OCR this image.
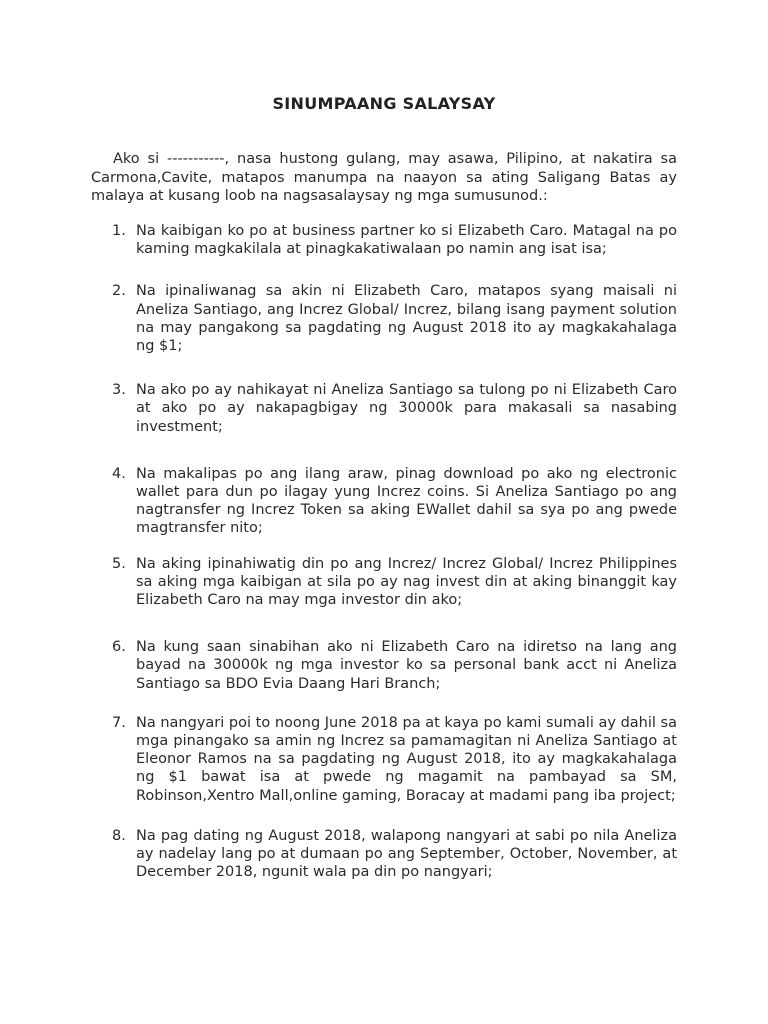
SINUMPAANG SALAYSAY

Ako si -----------, nasa hustong gulang, may asawa, Pilipino, at nakatira sa Carmona,Cavite, matapos manumpa na naayon sa ating Saligang Batas ay malaya at kusang loob na nagsasalaysay ng mga sumusunod.:

1. Na kaibigan ko po at business partner ko si Elizabeth Caro. Matagal na po kaming magkakilala at pinagkakatiwalaan po namin ang isat isa;
2. Na ipinaliwanag sa akin ni Elizabeth Caro, matapos syang maisali ni Aneliza Santiago, ang Increz Global/ Increz, bilang isang payment solution na may pangakong sa pagdating ng August 2018 ito ay magkakahalaga ng $1;
3. Na ako po ay nahikayat ni Aneliza Santiago sa tulong po ni Elizabeth Caro at ako po ay nakapagbigay ng 30000k para makasali sa nasabing investment;
4. Na makalipas po ang ilang araw, pinag download po ako ng electronic wallet para dun po ilagay yung Increz coins. Si Aneliza Santiago po ang nagtransfer ng Increz Token sa aking EWallet dahil sa sya po ang pwede magtransfer nito;
5. Na aking ipinahiwatig din po ang Increz/ Increz Global/ Increz Philippines sa aking mga kaibigan at sila po ay nag invest din at aking binanggit kay Elizabeth Caro na may mga investor din ako;
6. Na kung saan sinabihan ako ni Elizabeth Caro na idiretso na lang ang bayad na 30000k ng mga investor ko sa personal bank acct ni Aneliza Santiago sa BDO Evia Daang Hari Branch;
7. Na nangyari poi to noong June 2018 pa at kaya po kami sumali ay dahil sa mga pinangako sa amin ng Increz sa pamamagitan ni Aneliza Santiago at Eleonor Ramos na sa pagdating ng August 2018, ito ay magkakahalaga ng $1 bawat isa at pwede ng magamit na pambayad sa SM, Robinson,Xentro Mall,online gaming, Boracay at madami pang iba project;
8. Na pag dating ng August 2018, walapong nangyari at sabi po nila Aneliza ay nadelay lang po at dumaan po ang September, October, November, at December 2018, ngunit wala pa din po nangyari;
